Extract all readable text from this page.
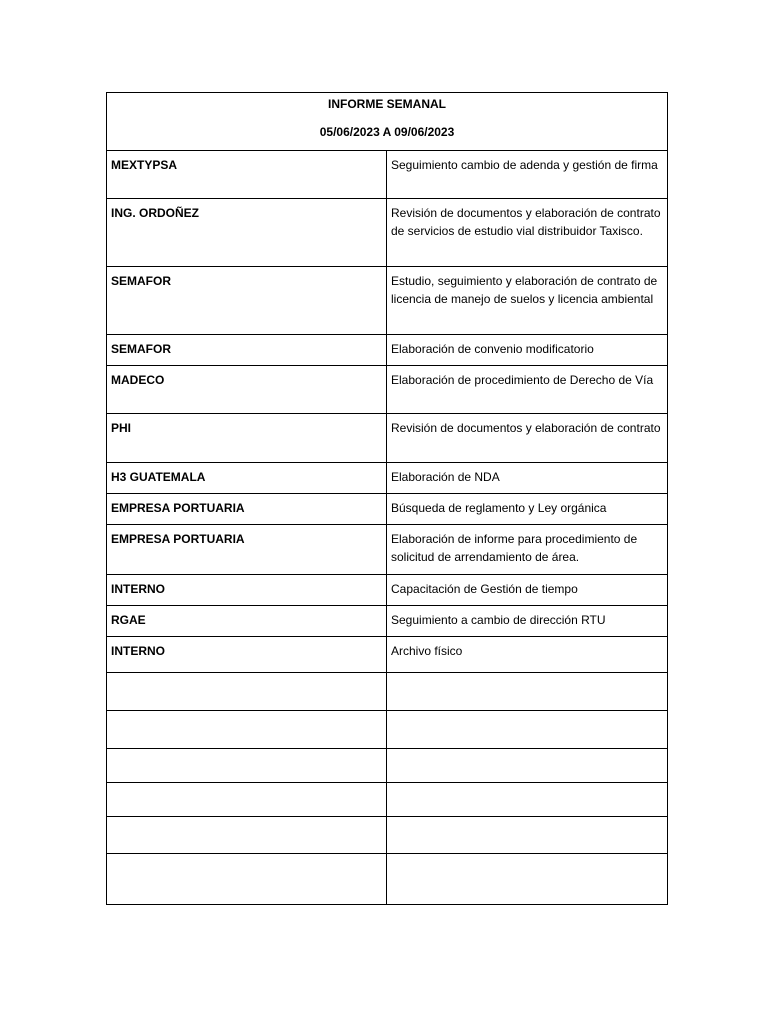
INFORME SEMANAL
05/06/2023 A 09/06/2023	

MEXTYPSA	Seguimiento cambio de adenda y gestión de firma
ING. ORDOÑEZ	Revisión de documentos y elaboración de contrato de servicios de estudio vial distribuidor Taxisco.
SEMAFOR	Estudio, seguimiento y elaboración de contrato de licencia de manejo de suelos y licencia ambiental
SEMAFOR	Elaboración de convenio modificatorio
MADECO	Elaboración de procedimiento de Derecho de Vía
PHI	Revisión de documentos y elaboración de contrato
H3 GUATEMALA	Elaboración de NDA
EMPRESA PORTUARIA	Búsqueda de reglamento y Ley orgánica
EMPRESA PORTUARIA	Elaboración de informe para procedimiento de solicitud de arrendamiento de área.
INTERNO	Capacitación de Gestión de tiempo
RGAE	Seguimiento a cambio de dirección RTU
INTERNO	Archivo físico
